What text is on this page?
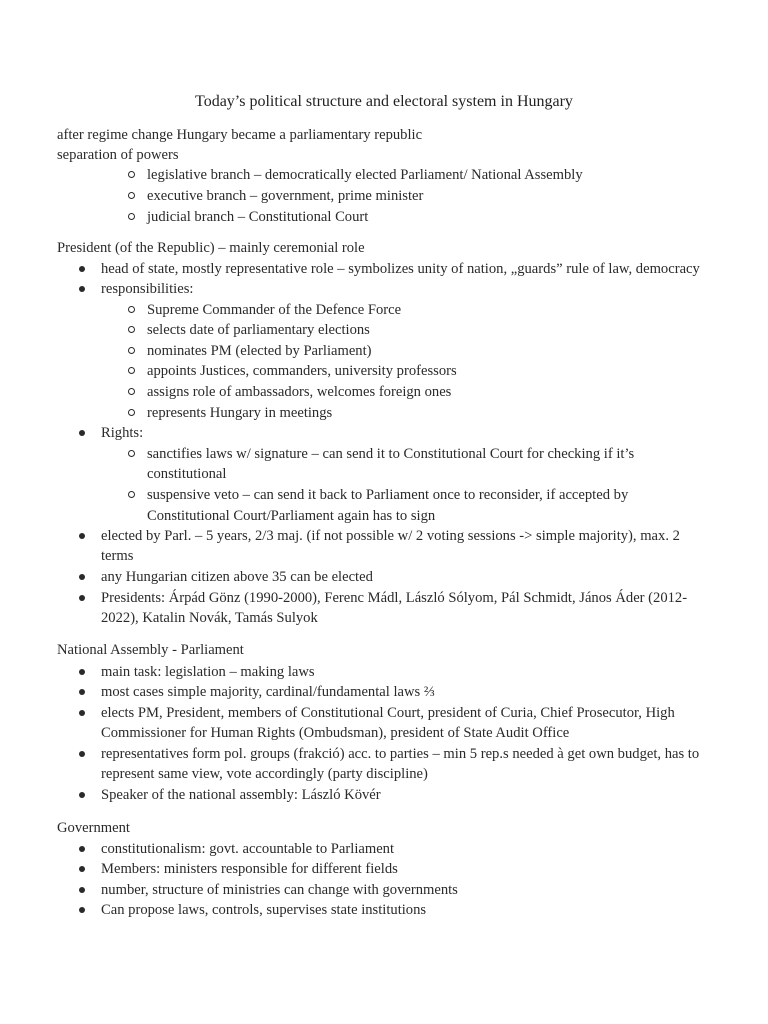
Today’s political structure and electoral system in Hungary
after regime change Hungary became a parliamentary republic
separation of powers
legislative branch – democratically elected Parliament/ National Assembly
executive branch – government, prime minister
judicial branch – Constitutional Court
President (of the Republic) – mainly ceremonial role
head of state, mostly representative role – symbolizes unity of nation, „guards” rule of law, democracy
responsibilities:
Supreme Commander of the Defence Force
selects date of parliamentary elections
nominates PM (elected by Parliament)
appoints Justices, commanders, university professors
assigns role of ambassadors, welcomes foreign ones
represents Hungary in meetings
Rights:
sanctifies laws w/ signature – can send it to Constitutional Court for checking if it’s
constitutional
suspensive veto – can send it back to Parliament once to reconsider, if accepted by
Constitutional Court/Parliament again has to sign
elected by Parl. – 5 years, 2/3 maj. (if not possible w/ 2 voting sessions -> simple majority), max. 2
terms
any Hungarian citizen above 35 can be elected
Presidents: Árpád Gönz (1990-2000), Ferenc Mádl, László Sólyom, Pál Schmidt, János Áder (2012-
2022), Katalin Novák, Tamás Sulyok
National Assembly - Parliament
main task: legislation – making laws
most cases simple majority, cardinal/fundamental laws ⅔
elects PM, President, members of Constitutional Court, president of Curia, Chief Prosecutor, High
Commissioner for Human Rights (Ombudsman), president of State Audit Office
representatives form pol. groups (frakció) acc. to parties – min 5 rep.s needed à get own budget, has to
represent same view, vote accordingly (party discipline)
Speaker of the national assembly: László Kövér
Government
constitutionalism: govt. accountable to Parliament
Members: ministers responsible for different fields
number, structure of ministries can change with governments
Can propose laws, controls, supervises state institutions
